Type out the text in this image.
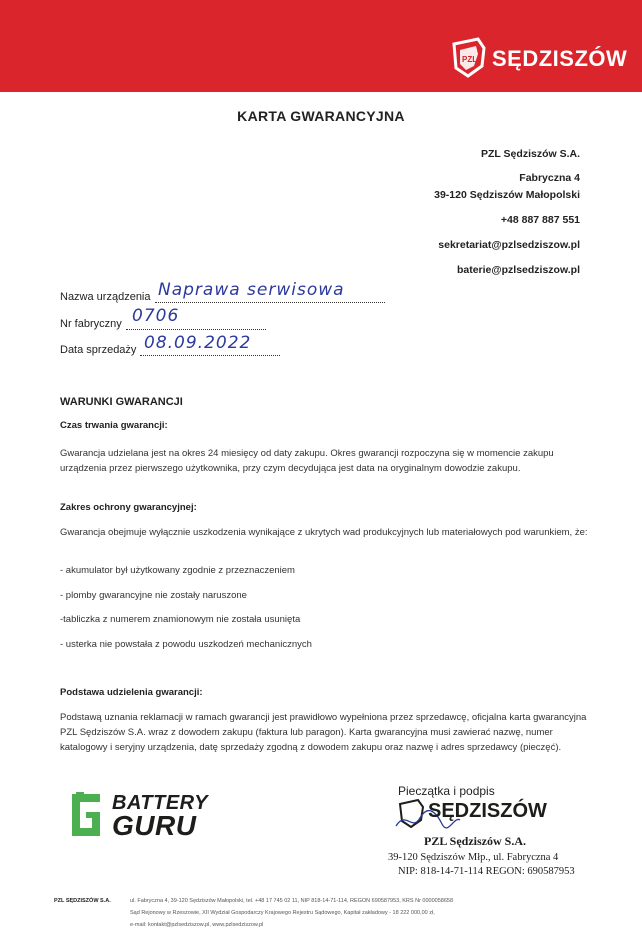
PZL SĘDZISZÓW
KARTA GWARANCYJNA
PZL Sędziszów S.A.
Fabryczna 4
39-120 Sędziszów Małopolski
+48 887 887 551
sekretariat@pzlsedziszow.pl
baterie@pzlsedziszow.pl
Nazwa urządzenia Naprawa serwisowa
Nr fabryczny 0706
Data sprzedaży 08.09.2022
WARUNKI GWARANCJI
Czas trwania gwarancji:
Gwarancja udzielana jest na okres 24 miesięcy od daty zakupu. Okres gwarancji rozpoczyna się w momencie zakupu urządzenia przez pierwszego użytkownika, przy czym decydująca jest data na oryginalnym dowodzie zakupu.
Zakres ochrony gwarancyjnej:
Gwarancja obejmuje wyłącznie uszkodzenia wynikające z ukrytych wad produkcyjnych lub materiałowych pod warunkiem, że:
- akumulator był użytkowany zgodnie z przeznaczeniem
- plomby gwarancyjne nie zostały naruszone
-tabliczka z numerem znamionowym nie została usunięta
- usterka nie powstała z powodu uszkodzeń mechanicznych
Podstawa udzielenia gwarancji:
Podstawą uznania reklamacji w ramach gwarancji jest prawidłowo wypełniona przez sprzedawcę, oficjalna karta gwarancyjna PZL Sędziszów S.A. wraz z dowodem zakupu (faktura lub paragon). Karta gwarancyjna musi zawierać nazwę, numer katalogowy i seryjny urządzenia, datę sprzedaży zgodną z dowodem zakupu oraz nazwę i adres sprzedawcy (pieczęć).
BATTERY
GURU
Pieczątka i podpis
SĘDZISZÓW
PZL Sędziszów S.A.
39-120 Sędziszów Młp., ul. Fabryczna 4
NIP: 818-14-71-114 REGON: 690587953
PZL SĘDZISZÓW S.A.	ul. Fabryczna 4, 39-120 Sędziszów Małopolski, tel. +48 17 745 02 11, NIP 818-14-71-114, REGON 690587953, KRS Nr 0000058658
Sąd Rejonowy w Rzeszowie, XII Wydział Gospodarczy Krajowego Rejestru Sądowego, Kapitał zakładowy - 18 222 000,00 zł,
e-mail: kontakt@pzlsedziszow.pl, www.pzlsedziszow.pl
